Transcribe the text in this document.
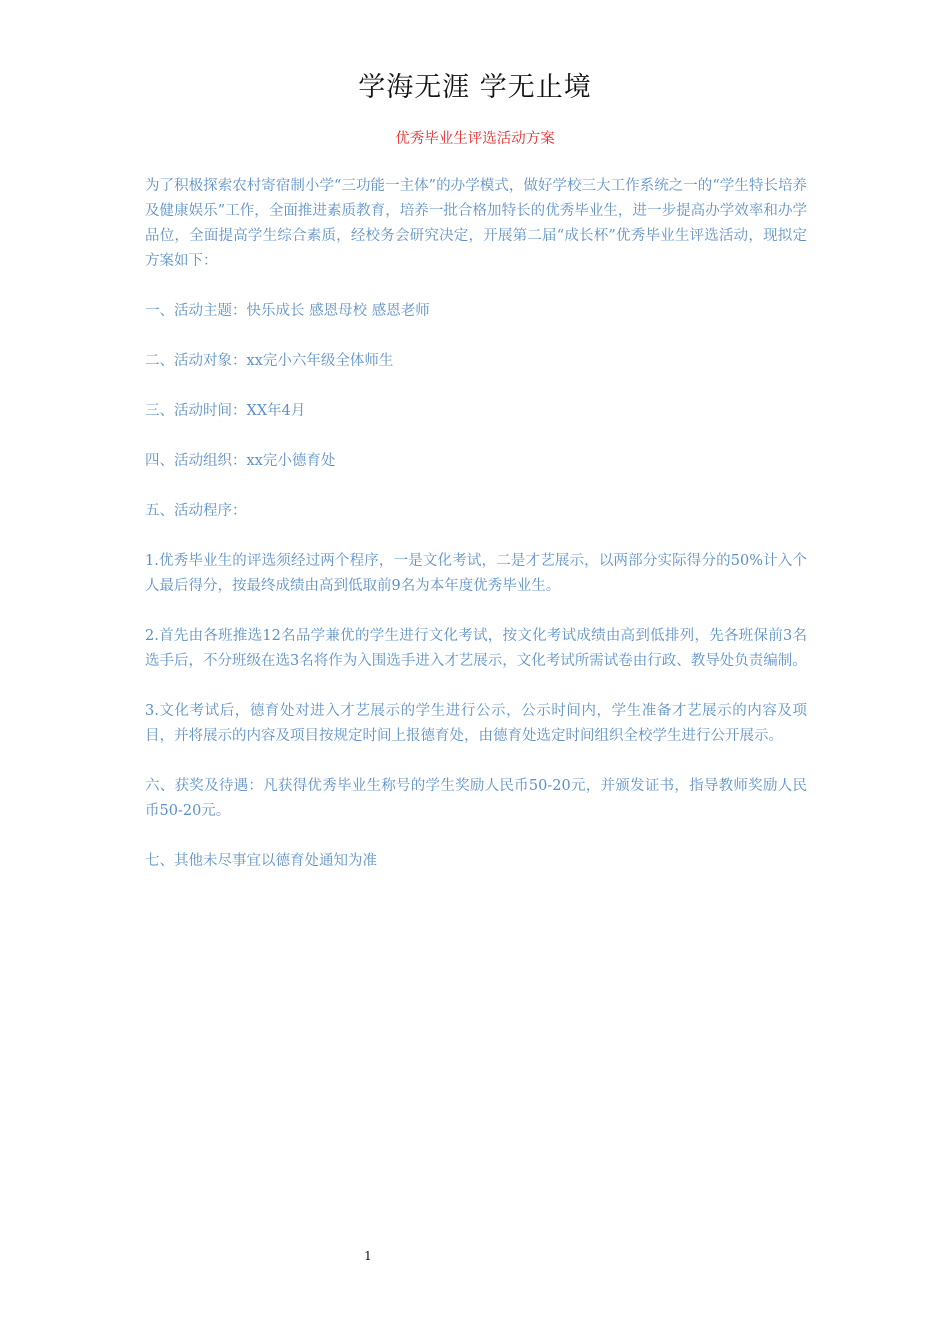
学海无涯 学无止境
优秀毕业生评选活动方案

为了积极探索农村寄宿制小学“三功能一主体”的办学模式，做好学校三大工作系统之一的“学生特长培养及健康娱乐”工作，全面推进素质教育，培养一批合格加特长的优秀毕业生，进一步提高办学效率和办学品位，全面提高学生综合素质，经校务会研究决定，开展第二届“成长杯”优秀毕业生评选活动，现拟定方案如下：

一、活动主题：快乐成长 感恩母校 感恩老师

二、活动对象：xx完小六年级全体师生

三、活动时间：XX年4月

四、活动组织：xx完小德育处

五、活动程序：

1.优秀毕业生的评选须经过两个程序，一是文化考试，二是才艺展示，以两部分实际得分的50%计入个人最后得分，按最终成绩由高到低取前9名为本年度优秀毕业生。

2.首先由各班推选12名品学兼优的学生进行文化考试，按文化考试成绩由高到低排列，先各班保前3名选手后，不分班级在选3名将作为入围选手进入才艺展示，文化考试所需试卷由行政、教导处负责编制。

3.文化考试后，德育处对进入才艺展示的学生进行公示，公示时间内，学生准备才艺展示的内容及项目，并将展示的内容及项目按规定时间上报德育处，由德育处选定时间组织全校学生进行公开展示。

六、获奖及待遇：凡获得优秀毕业生称号的学生奖励人民币50-20元，并颁发证书，指导教师奖励人民币50-20元。

七、其他未尽事宜以德育处通知为准

1
